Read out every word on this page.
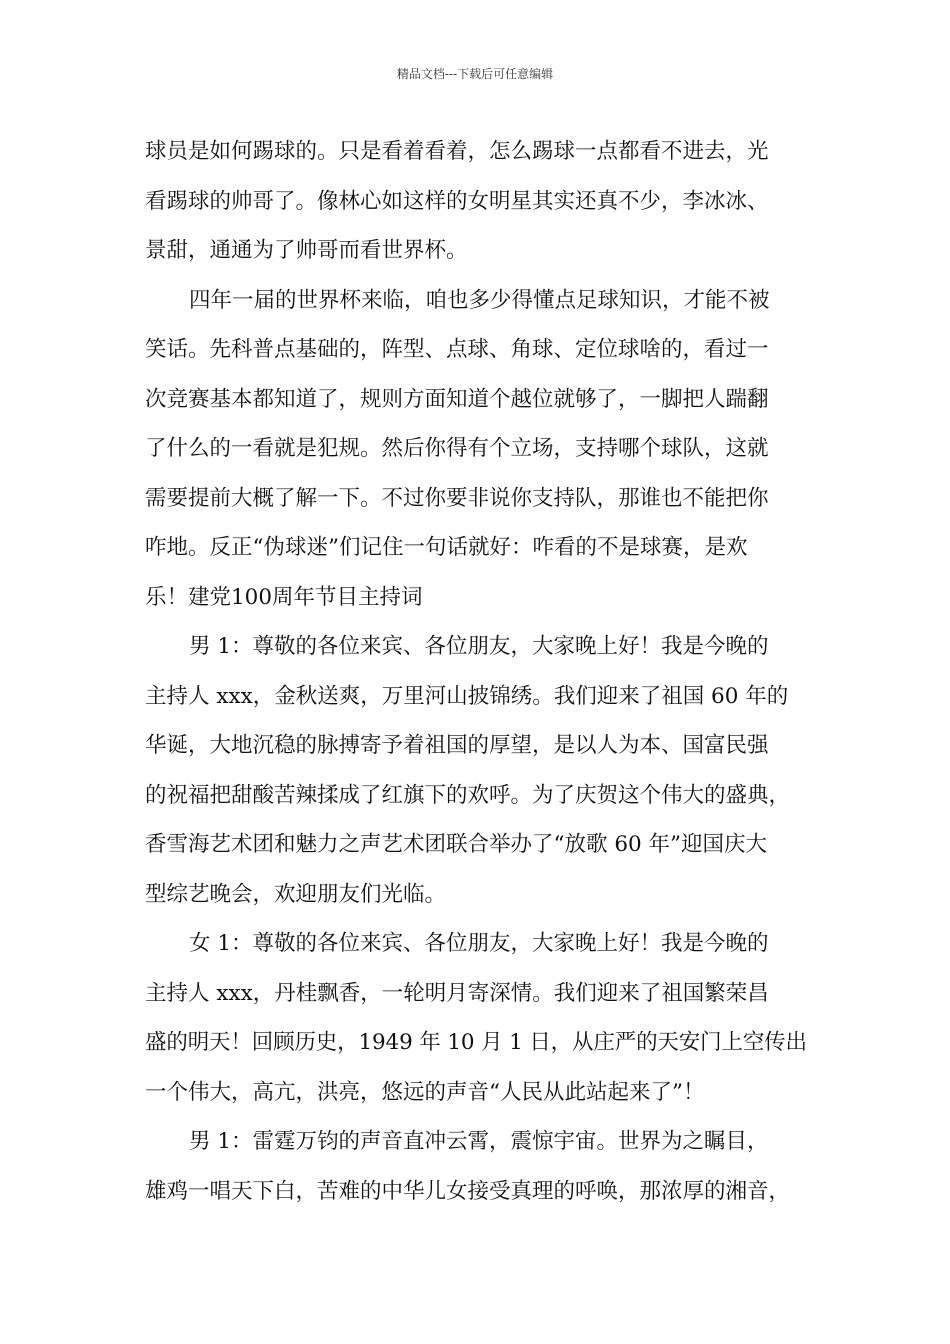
精品文档---下载后可任意编辑

球员是如何踢球的。只是看着看着，怎么踢球一点都看不进去，光
看踢球的帅哥了。像林心如这样的女明星其实还真不少，李冰冰、
景甜，通通为了帅哥而看世界杯。

四年一届的世界杯来临，咱也多少得懂点足球知识，才能不被
笑话。先科普点基础的，阵型、点球、角球、定位球啥的，看过一
次竞赛基本都知道了，规则方面知道个越位就够了，一脚把人踹翻
了什么的一看就是犯规。然后你得有个立场，支持哪个球队，这就
需要提前大概了解一下。不过你要非说你支持队，那谁也不能把你
咋地。反正“伪球迷”们记住一句话就好：咋看的不是球赛，是欢
乐！建党100周年节目主持词

男 1：尊敬的各位来宾、各位朋友，大家晚上好！我是今晚的
主持人 xxx，金秋送爽，万里河山披锦绣。我们迎来了祖国 60 年的
华诞，大地沉稳的脉搏寄予着祖国的厚望，是以人为本、国富民强
的祝福把甜酸苦辣揉成了红旗下的欢呼。为了庆贺这个伟大的盛典，
香雪海艺术团和魅力之声艺术团联合举办了“放歌 60 年”迎国庆大
型综艺晚会，欢迎朋友们光临。

女 1：尊敬的各位来宾、各位朋友，大家晚上好！我是今晚的
主持人 xxx，丹桂飘香，一轮明月寄深情。我们迎来了祖国繁荣昌
盛的明天！回顾历史，1949 年 10 月 1 日，从庄严的天安门上空传出
一个伟大，高亢，洪亮，悠远的声音“人民从此站起来了”！

男 1：雷霆万钧的声音直冲云霄，震惊宇宙。世界为之瞩目，
雄鸡一唱天下白，苦难的中华儿女接受真理的呼唤，那浓厚的湘音，
